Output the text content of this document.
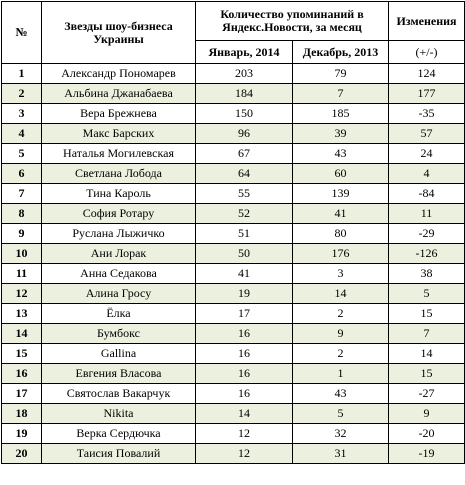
№	Звезды шоу-бизнеса Украины	Количество упоминаний в Яндекс.Новости, за месяц		Изменения
		Январь, 2014	Декабрь, 2013	(+/-)
1	Александр Пономарев	203	79	124
2	Альбина Джанабаева	184	7	177
3	Вера Брежнева	150	185	-35
4	Макс Барских	96	39	57
5	Наталья Могилевская	67	43	24
6	Светлана Лобода	64	60	4
7	Тина Кароль	55	139	-84
8	София Ротару	52	41	11
9	Руслана Лыжичко	51	80	-29
10	Ани Лорак	50	176	-126
11	Анна Седакова	41	3	38
12	Алина Гросу	19	14	5
13	Ёлка	17	2	15
14	Бумбокс	16	9	7
15	Gallina	16	2	14
16	Евгения Власова	16	1	15
17	Святослав Вакарчук	16	43	-27
18	Nikita	14	5	9
19	Верка Сердючка	12	32	-20
20	Таисия Повалий	12	31	-19
